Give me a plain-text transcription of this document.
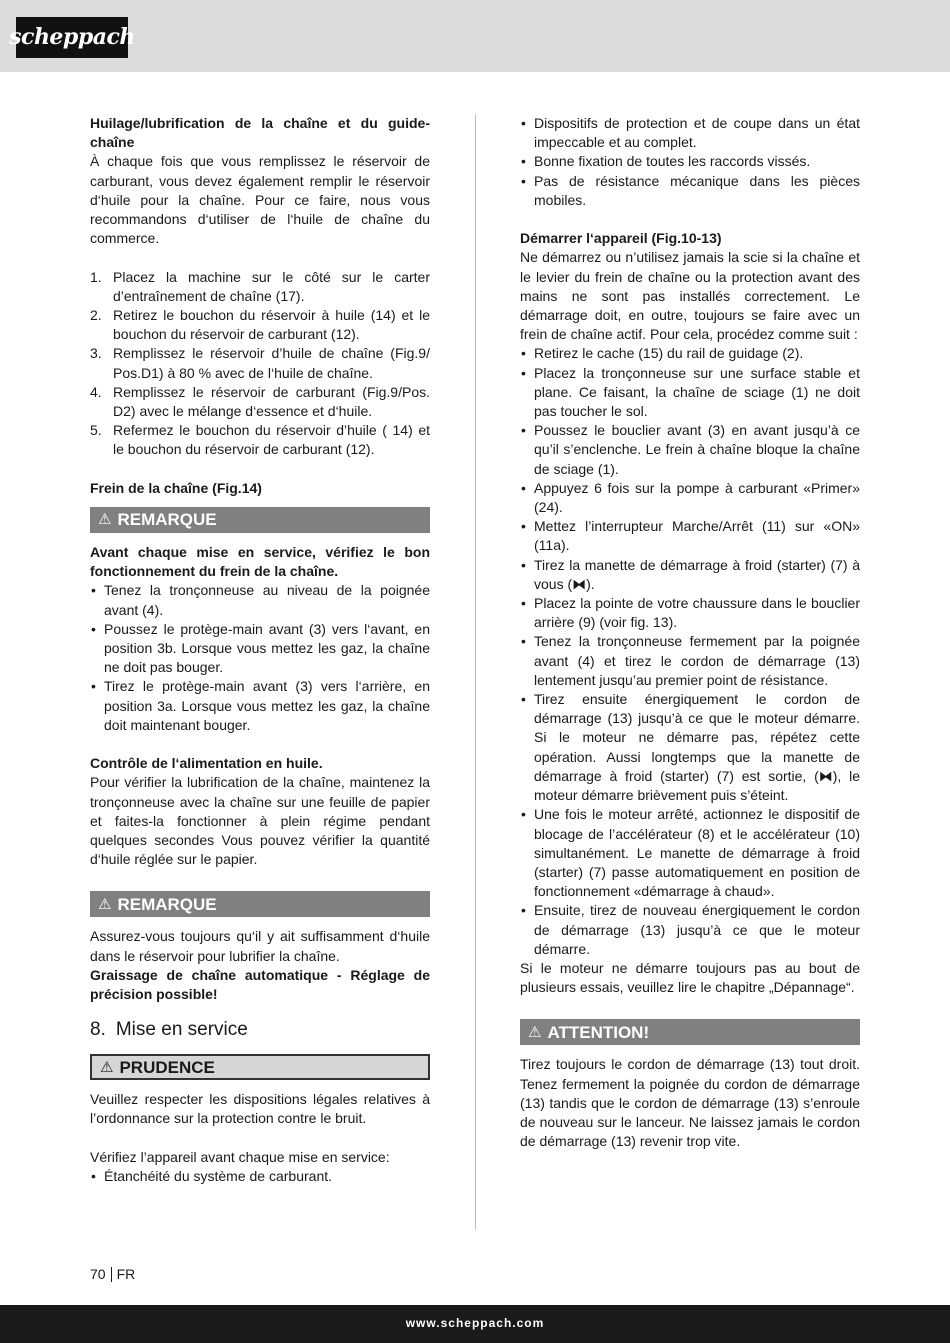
scheppach

Huilage/lubrification de la chaîne et du guide-chaîne

À chaque fois que vous remplissez le réservoir de carburant, vous devez également remplir le réservoir d‘huile pour la chaîne. Pour ce faire, nous vous recommandons d‘utiliser de l‘huile de chaîne du commerce.

1. Placez la machine sur le côté sur le carter d’entraînement de chaîne (17).
2. Retirez le bouchon du réservoir à huile (14) et le bouchon du réservoir de carburant (12).
3. Remplissez le réservoir d’huile de chaîne (Fig.9/ Pos.D1) à 80 % avec de l‘huile de chaîne.
4. Remplissez le réservoir de carburant (Fig.9/Pos. D2) avec le mélange d‘essence et d‘huile.
5. Refermez le bouchon du réservoir d’huile ( 14) et le bouchon du réservoir de carburant (12).

Frein de la chaîne (Fig.14)

⚠ REMARQUE

Avant chaque mise en service, vérifiez le bon fonctionnement du frein de la chaîne.

• Tenez la tronçonneuse au niveau de la poignée avant (4).
• Poussez le protège-main avant (3) vers l‘avant, en position 3b. Lorsque vous mettez les gaz, la chaîne ne doit pas bouger.
• Tirez le protège-main avant (3) vers l‘arrière, en position 3a. Lorsque vous mettez les gaz, la chaîne doit maintenant bouger.

Contrôle de l‘alimentation en huile.

Pour vérifier la lubrification de la chaîne, maintenez la tronçonneuse avec la chaîne sur une feuille de papier et faites-la fonctionner à plein régime pendant quelques secondes Vous pouvez vérifier la quantité d‘huile réglée sur le papier.

⚠ REMARQUE

Assurez-vous toujours qu‘il y ait suffisamment d‘huile dans le réservoir pour lubrifier la chaîne.

Graissage de chaîne automatique - Réglage de précision possible!

8. Mise en service
⚠ PRUDENCE

Veuillez respecter les dispositions légales relatives à l’ordonnance sur la protection contre le bruit.

Vérifiez l’appareil avant chaque mise en service:

• Étanchéité du système de carburant.
• Dispositifs de protection et de coupe dans un état impeccable et au complet.
• Bonne fixation de toutes les raccords vissés.
• Pas de résistance mécanique dans les pièces mobiles.

Démarrer l‘appareil (Fig.10-13)

Ne démarrez ou n’utilisez jamais la scie si la chaîne et le levier du frein de chaîne ou la protection avant des mains ne sont pas installés correctement. Le démarrage doit, en outre, toujours se faire avec un frein de chaîne actif. Pour cela, procédez comme suit :

• Retirez le cache (15) du rail de guidage (2).
• Placez la tronçonneuse sur une surface stable et plane. Ce faisant, la chaîne de sciage (1) ne doit pas toucher le sol.
• Poussez le bouclier avant (3) en avant jusqu’à ce qu’il s’enclenche. Le frein à chaîne bloque la chaîne de sciage (1).
• Appuyez 6 fois sur la pompe à carburant «Primer» (24).
• Mettez l’interrupteur Marche/Arrêt (11) sur «ON» (11a).
• Tirez la manette de démarrage à froid (starter) (7) à vous (⧓).
• Placez la pointe de votre chaussure dans le bouclier arrière (9) (voir fig. 13).
• Tenez la tronçonneuse fermement par la poignée avant (4) et tirez le cordon de démarrage (13) lentement jusqu’au premier point de résistance.
• Tirez ensuite énergiquement le cordon de démarrage (13) jusqu’à ce que le moteur démarre. Si le moteur ne démarre pas, répétez cette opération. Aussi longtemps que la manette de démarrage à froid (starter) (7) est sortie, (⧓), le moteur démarre brièvement puis s’éteint.
• Une fois le moteur arrêté, actionnez le dispositif de blocage de l’accélérateur (8) et le accélérateur (10) simultanément. Le manette de démarrage à froid (starter) (7) passe automatiquement en position de fonctionnement «démarrage à chaud».
• Ensuite, tirez de nouveau énergiquement le cordon de démarrage (13) jusqu’à ce que le moteur démarre.

Si le moteur ne démarre toujours pas au bout de plusieurs essais, veuillez lire le chapitre „Dépannage“.

⚠ ATTENTION!

Tirez toujours le cordon de démarrage (13) tout droit. Tenez fermement la poignée du cordon de démarrage (13) tandis que le cordon de démarrage (13) s’enroule de nouveau sur le lanceur. Ne laissez jamais le cordon de démarrage (13) revenir trop vite.

70 FR
www.scheppach.com
